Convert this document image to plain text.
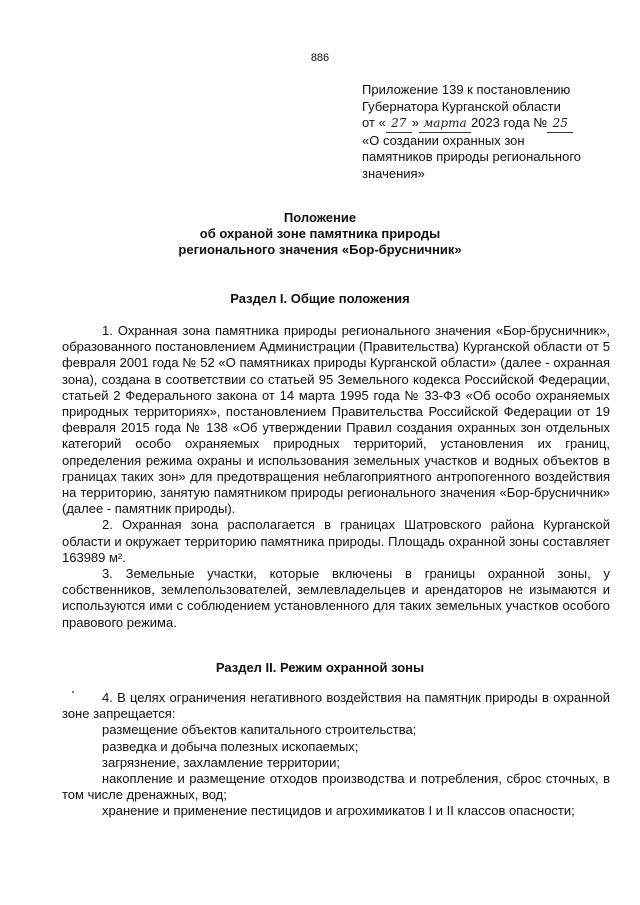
886
Приложение 139 к постановлению
Губернатора Курганской области
от « 27 » марта 2023 года № 25
«О создании охранных зон
памятников природы регионального
значения»
Положение
об охраной зоне памятника природы
регионального значения «Бор-брусничник»
Раздел I. Общие положения

1. Охранная зона памятника природы регионального значения «Бор-брусничник», образованного постановлением Администрации (Правительства) Курганской области от 5 февраля 2001 года № 52 «О памятниках природы Курганской области» (далее - охранная зона), создана в соответствии со статьей 95 Земельного кодекса Российской Федерации, статьей 2 Федерального закона от 14 марта 1995 года № 33-ФЗ «Об особо охраняемых природных территориях», постановлением Правительства Российской Федерации от 19 февраля 2015 года № 138 «Об утверждении Правил создания охранных зон отдельных категорий особо охраняемых природных территорий, установления их границ, определения режима охраны и использования земельных участков и водных объектов в границах таких зон» для предотвращения неблагоприятного антропогенного воздействия на территорию, занятую памятником природы регионального значения «Бор-брусничник» (далее - памятник природы).

2. Охранная зона располагается в границах Шатровского района Курганской области и окружает территорию памятника природы. Площадь охранной зоны составляет 163989 м².

3. Земельные участки, которые включены в границы охранной зоны, у собственников, землепользователей, землевладельцев и арендаторов не изымаются и используются ими с соблюдением установленного для таких земельных участков особого правового режима.

Раздел II. Режим охранной зоны

4. В целях ограничения негативного воздействия на памятник природы в охранной зоне запрещается:

размещение объектов капитального строительства;

разведка и добыча полезных ископаемых;

загрязнение, захламление территории;

накопление и размещение отходов производства и потребления, сброс сточных, в том числе дренажных, вод;

хранение и применение пестицидов и агрохимикатов I и II классов опасности;
